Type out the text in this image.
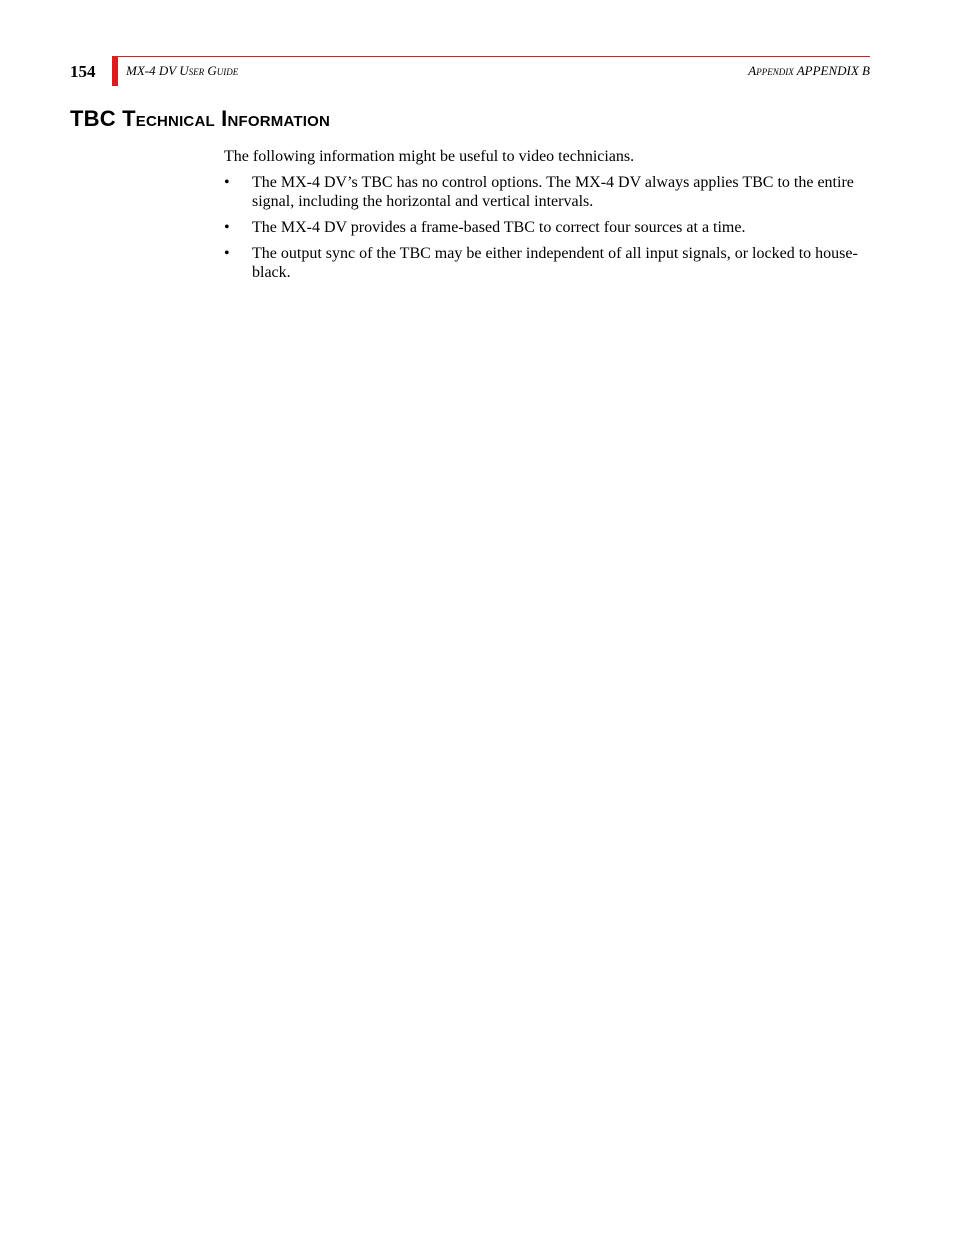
154 MX-4 DV User Guide	Appendix APPENDIX B
TBC Technical Information

The following information might be useful to video technicians.

• The MX-4 DV’s TBC has no control options. The MX-4 DV always applies TBC to the entire signal, including the horizontal and vertical intervals.
• The MX-4 DV provides a frame-based TBC to correct four sources at a time.
• The output sync of the TBC may be either independent of all input signals, or locked to house-black.
